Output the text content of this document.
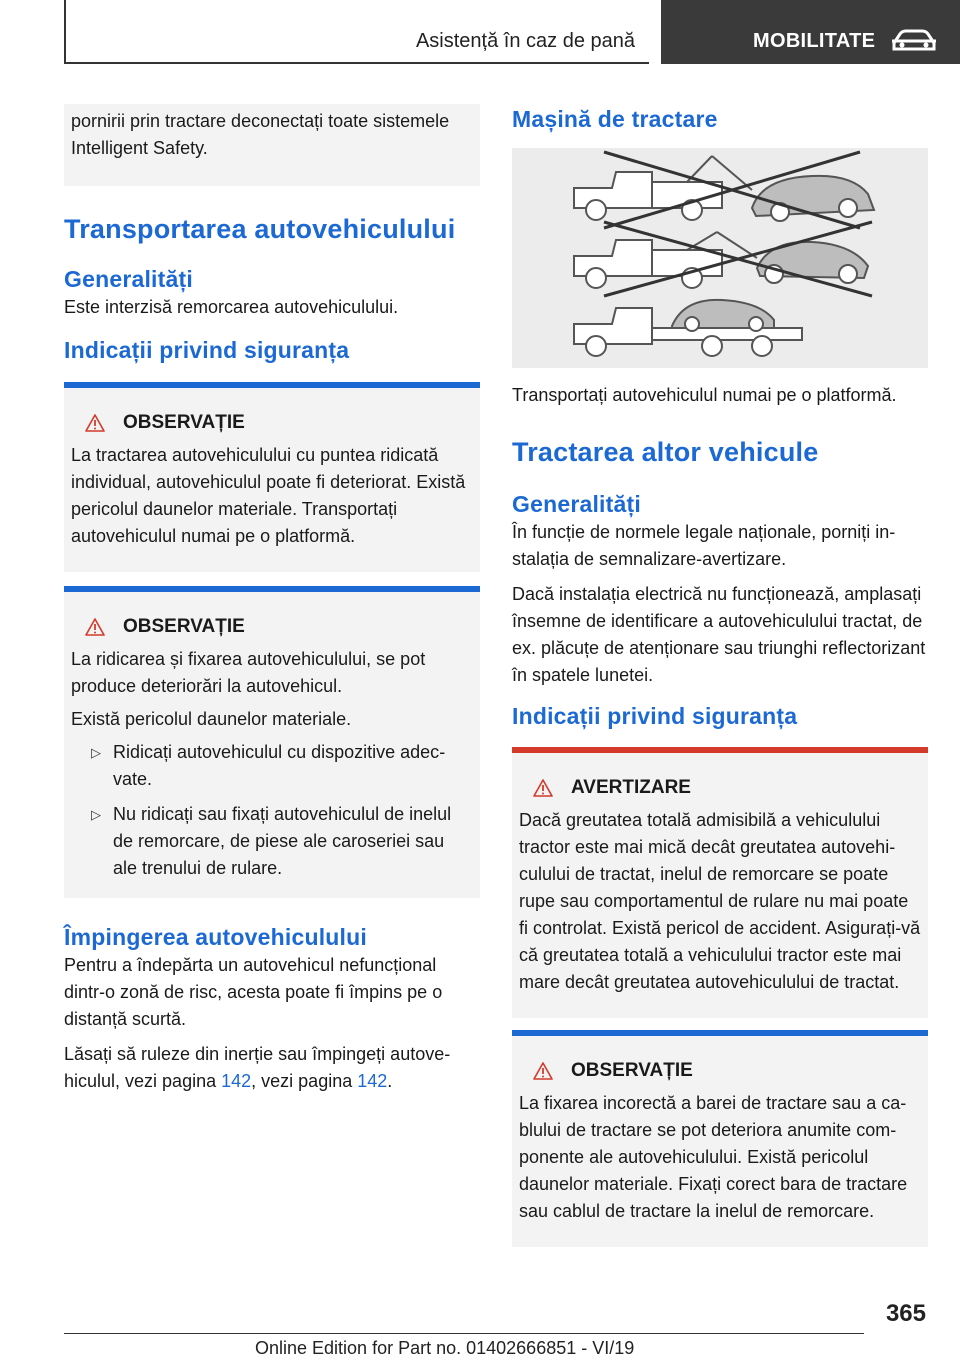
Asistență în caz de pană	MOBILITATE

pornirii prin tractare deconectați toate sistemele Intelligent Safety.

Transportarea autovehiculului
Generalități

Este interzisă remorcarea autovehiculului.

Indicații privind siguranța
OBSERVAȚIE

La tractarea autovehiculului cu puntea ridicată individual, autovehiculul poate fi deteriorat. Există pericolul daunelor materiale. Transportați autovehiculul numai pe o platformă.

OBSERVAȚIE

La ridicarea și fixarea autovehiculului, se pot produce deteriorări la autovehicul.

Există pericolul daunelor materiale.

▷ Ridicați autovehiculul cu dispozitive adecvate.
▷ Nu ridicați sau fixați autovehiculul de inelul de remorcare, de piese ale caroseriei sau ale trenului de rulare.
Împingerea autovehiculului

Pentru a îndepărta un autovehicul nefuncțional dintr-o zonă de risc, acesta poate fi împins pe o distanță scurtă.

Lăsați să ruleze din inerție sau împingeți autovehiculul, vezi pagina 142, vezi pagina 142.

Mașină de tractare
Transportați autovehiculul numai pe o platformă.
Tractarea altor vehicule
Generalități

În funcție de normele legale naționale, porniți instalația de semnalizare-avertizare.

Dacă instalația electrică nu funcționează, amplasați însemne de identificare a autovehiculului tractat, de ex. plăcuțe de atenționare sau triunghi reflectorizant în spatele lunetei.

Indicații privind siguranța
AVERTIZARE

Dacă greutatea totală admisibilă a vehiculului tractor este mai mică decât greutatea autovehiculului de tractat, inelul de remorcare se poate rupe sau comportamentul de rulare nu mai poate fi controlat. Există pericol de accident. Asigurați-vă că greutatea totală a vehiculului tractor este mai mare decât greutatea autovehiculului de tractat.

OBSERVAȚIE

La fixarea incorectă a barei de tractare sau a cablului de tractare se pot deteriora anumite componente ale autovehiculului. Există pericolul daunelor materiale. Fixați corect bara de tractare sau cablul de tractare la inelul de remorcare.

365
Online Edition for Part no. 01402666851 - VI/19
